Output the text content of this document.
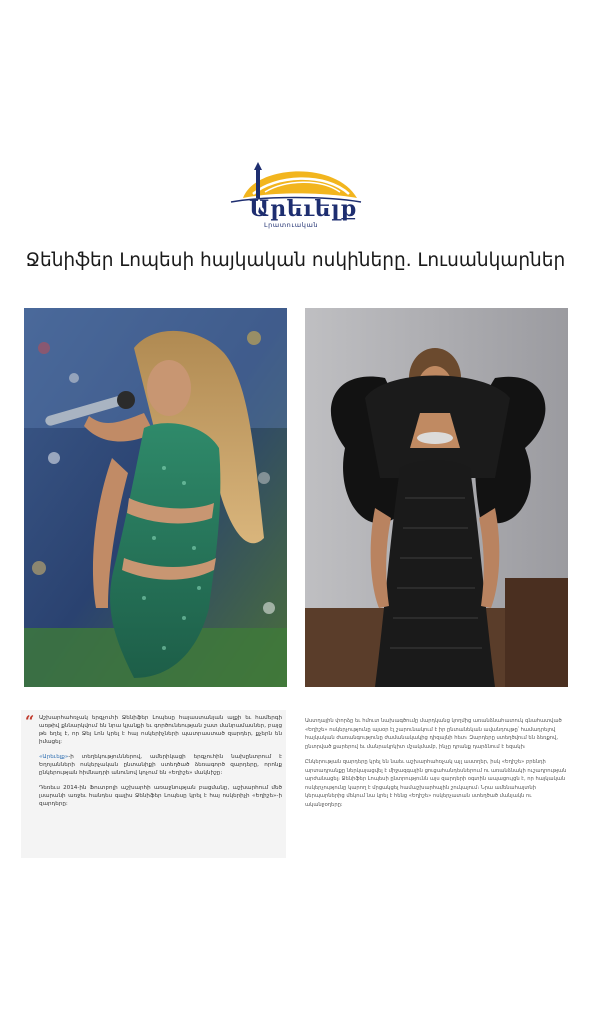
Արեւելք
Լրատուական
Ջենիֆեր Լոպեսի հայկական ոսկիները. Լուսանկարներ
“ Աշխարհահռչակ երգչուհի Ջենիֆեր Լոպեսը հայաստանյան ալքի եւ համերգի առթիվ քննարկվում են նրա կյանքի եւ գործունեության շատ մանրամասներ, բայց թե եղել է, որ Ջեյ Լոն կրել է հայ ոսկերիչների պատրաստած զարդեր, քչերն են իմացել:

«Արեւելք»-ի տեղեկություններով, ամերիկացի երգչուհին նախընտրում է Եղոյանների ոսկերչական ընտանիքի ստեղծած ձեռագործ զարդերը, որոնք ընկերության հիմնադրի անունով կոչում են «Եղիշե» մակնիշը:

Դեռեւս 2014-ին Ֆուտբոլի աշխարհի առաջնության բացմանը, աշխարհում մեծ լսարանի առջեւ հանդես գալիս Ջենիֆեր Լոպեսը կրել է հայ ոսկերիչի «Եղիշե»-ի զարդերը:

Աստղային փորձը եւ հմուտ նախագծումը մարդկանց կողմից առանձնահատուկ գնահատված «Եղիշե» ոսկերչությունը այսօր էլ շարունակում է իր ընտանեկան ավանդույթը՝ համադրելով հայկական ժառանգությունը ժամանակակից դիզայնի հետ։ Զարդերը ստեղծվում են ձեռքով, ընտրված քարերով եւ մանրակրկիտ մշակմամբ, ինչը դրանք դարձնում է եզակի։

Ընկերության զարդերը կրել են նաեւ աշխարհահռչակ այլ աստղեր, իսկ «Եղիշե» բրենդի արտադրանքը ներկայացվել է միջազգային ցուցահանդեսներում ու առանձնակի ուշադրության արժանացել։ Ջենիֆեր Լոպեսի ընտրությունն այս զարդերի օգտին ապացույցն է, որ հայկական ոսկերչությունը կարող է մրցակցել համաշխարհային շուկայում։ Նրա ամենահայտնի կերպարներից մեկում նա կրել է հենց «Եղիշե» ոսկերչատան ստեղծած մանյակն ու ականջօղերը:
